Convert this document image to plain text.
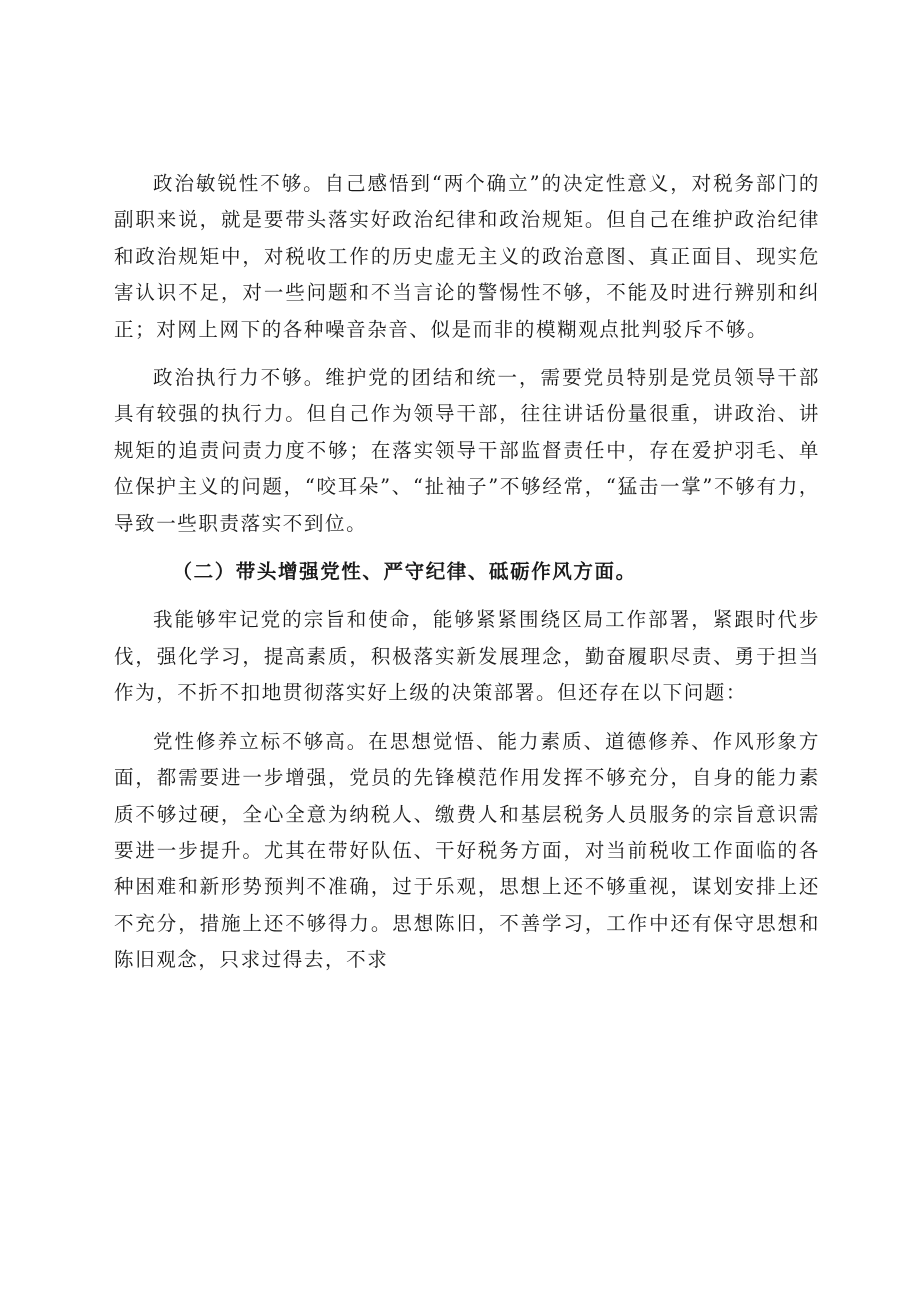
政治敏锐性不够。自己感悟到“两个确立”的决定性意义，对税务部门的副职来说，就是要带头落实好政治纪律和政治规矩。但自己在维护政治纪律和政治规矩中，对税收工作的历史虚无主义的政治意图、真正面目、现实危害认识不足，对一些问题和不当言论的警惕性不够，不能及时进行辨别和纠正；对网上网下的各种噪音杂音、似是而非的模糊观点批判驳斥不够。

政治执行力不够。维护党的团结和统一，需要党员特别是党员领导干部具有较强的执行力。但自己作为领导干部，往往讲话份量很重，讲政治、讲规矩的追责问责力度不够；在落实领导干部监督责任中，存在爱护羽毛、单位保护主义的问题，“咬耳朵”、“扯袖子”不够经常，“猛击一掌”不够有力，导致一些职责落实不到位。

（二）带头增强党性、严守纪律、砥砺作风方面。

我能够牢记党的宗旨和使命，能够紧紧围绕区局工作部署，紧跟时代步伐，强化学习，提高素质，积极落实新发展理念，勤奋履职尽责、勇于担当作为，不折不扣地贯彻落实好上级的决策部署。但还存在以下问题：

党性修养立标不够高。在思想觉悟、能力素质、道德修养、作风形象方面，都需要进一步增强，党员的先锋模范作用发挥不够充分，自身的能力素质不够过硬，全心全意为纳税人、缴费人和基层税务人员服务的宗旨意识需要进一步提升。尤其在带好队伍、干好税务方面，对当前税收工作面临的各种困难和新形势预判不准确，过于乐观，思想上还不够重视，谋划安排上还不充分，措施上还不够得力。思想陈旧，不善学习，工作中还有保守思想和陈旧观念，只求过得去，不求
